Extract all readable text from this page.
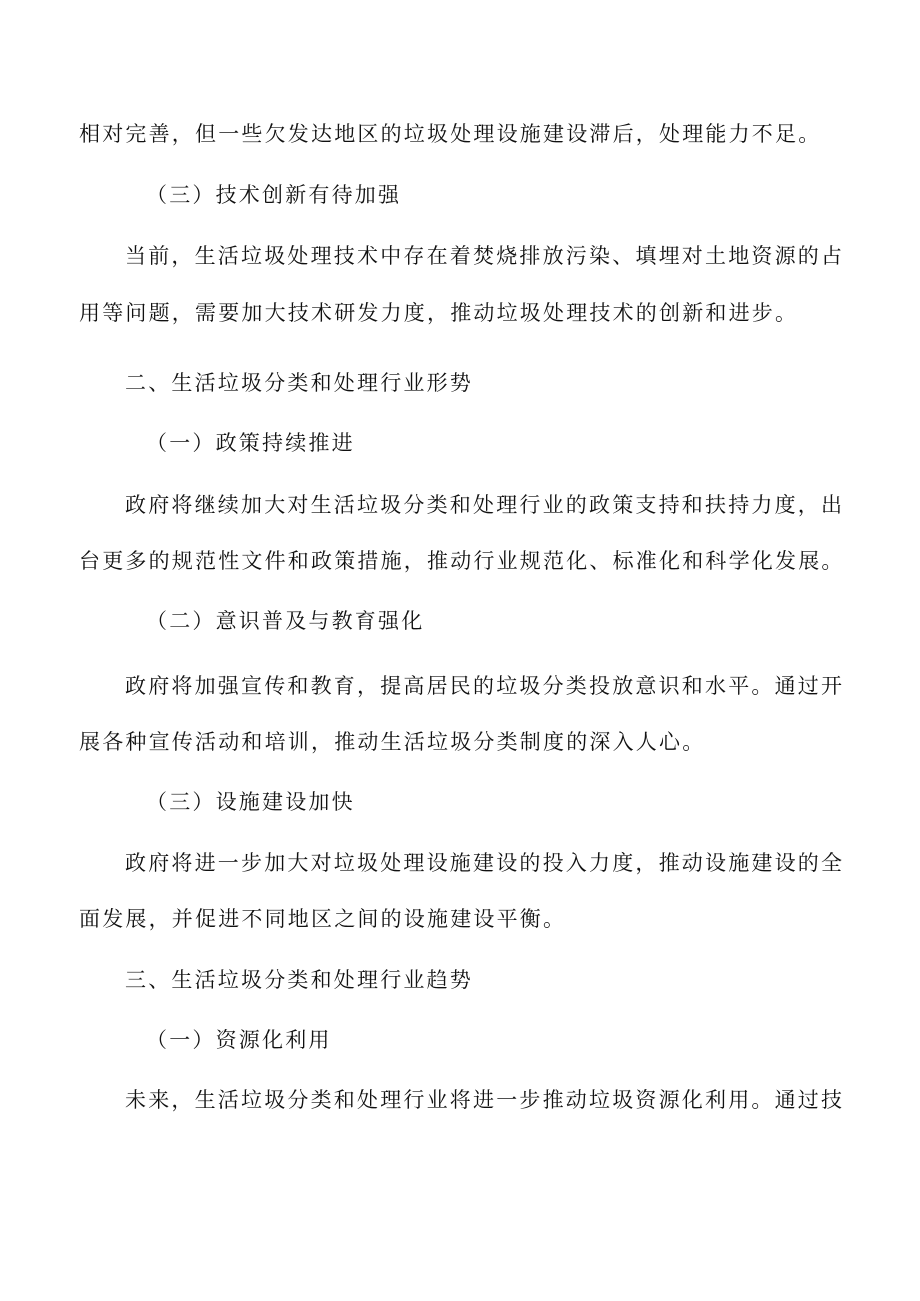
相对完善，但一些欠发达地区的垃圾处理设施建设滞后，处理能力不足。
（三）技术创新有待加强
当前，生活垃圾处理技术中存在着焚烧排放污染、填埋对土地资源的占
用等问题，需要加大技术研发力度，推动垃圾处理技术的创新和进步。
二、生活垃圾分类和处理行业形势
（一）政策持续推进
政府将继续加大对生活垃圾分类和处理行业的政策支持和扶持力度，出
台更多的规范性文件和政策措施，推动行业规范化、标准化和科学化发展。
（二）意识普及与教育强化
政府将加强宣传和教育，提高居民的垃圾分类投放意识和水平。通过开
展各种宣传活动和培训，推动生活垃圾分类制度的深入人心。
（三）设施建设加快
政府将进一步加大对垃圾处理设施建设的投入力度，推动设施建设的全
面发展，并促进不同地区之间的设施建设平衡。
三、生活垃圾分类和处理行业趋势
（一）资源化利用
未来，生活垃圾分类和处理行业将进一步推动垃圾资源化利用。通过技
